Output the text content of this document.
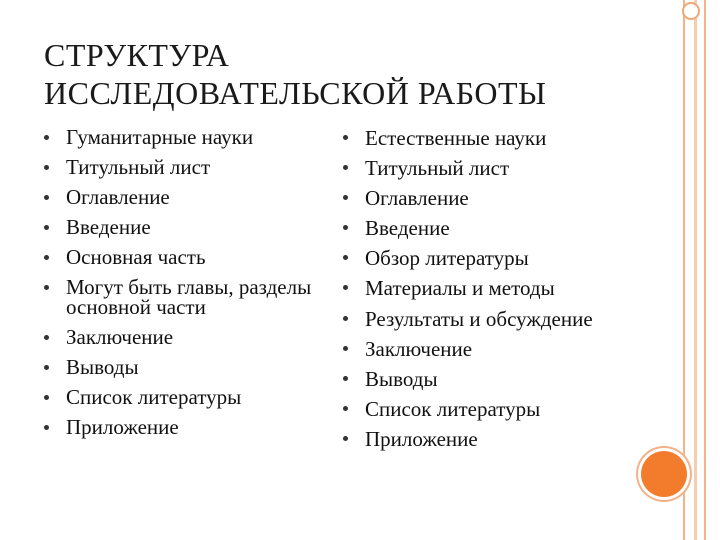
СТРУКТУРА
ИССЛЕДОВАТЕЛЬСКОЙ РАБОТЫ
Гуманитарные науки
Титульный лист
Оглавление
Введение
Основная часть
Могут быть главы, разделы основной части
Заключение
Выводы
Список литературы
Приложение
Естественные науки
Титульный лист
Оглавление
Введение
Обзор литературы
Материалы и методы
Результаты и обсуждение
Заключение
Выводы
Список литературы
Приложение
